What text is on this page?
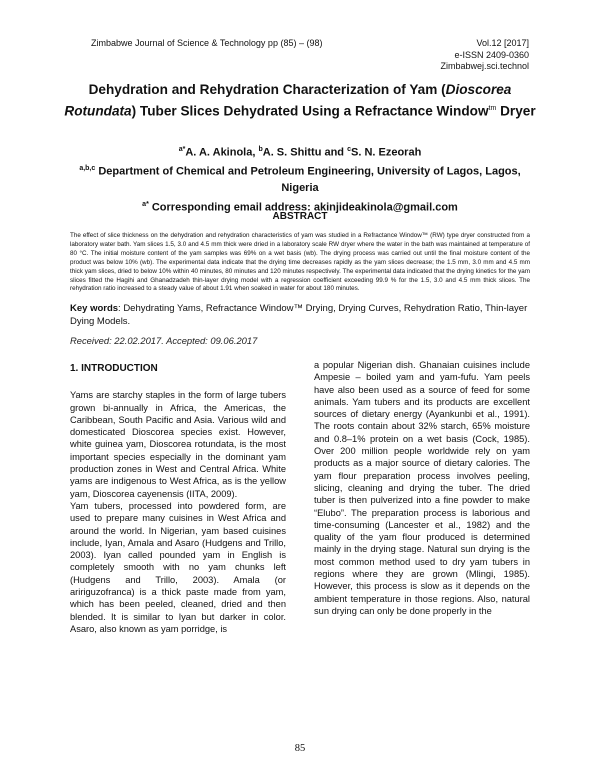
Zimbabwe Journal of Science & Technology pp (85) – (98)	Vol.12 [2017]
e-ISSN 2409-0360
Zimbabwej.sci.technol
Dehydration and Rehydration Characterization of Yam (Dioscorea Rotundata) Tuber Slices Dehydrated Using a Refractance Window$^{tm}$ Dryer
$^{a*}$A. A. Akinola, $^b$A. S. Shittu and $^c$S. N. Ezeorah
$^{a,b,c}$ Department of Chemical and Petroleum Engineering, University of Lagos, Lagos, Nigeria
$^{a*}$ Corresponding email address: akinjideakinola@gmail.com
ABSTRACT
The effect of slice thickness on the dehydration and rehydration characteristics of yam was studied in a Refractance Window™ (RW) type dryer constructed from a laboratory water bath. Yam slices 1.5, 3.0 and 4.5 mm thick were dried in a laboratory scale RW dryer where the water in the bath was maintained at temperature of 80 °C. The initial moisture content of the yam samples was 69% on a wet basis (wb). The drying process was carried out until the final moisture content of the product was below 10% (wb). The experimental data indicate that the drying time decreases rapidly as the yam slices decrease; the 1.5 mm, 3.0 mm and 4.5 mm thick yam slices, dried to below 10% within 40 minutes, 80 minutes and 120 minutes respectively. The experimental data indicated that the drying kinetics for the yam slices fitted the Hagihi and Ghanadzadeh thin-layer drying model with a regression coefficient exceeding 99.9 % for the 1.5, 3.0 and 4.5 mm thick slices. The rehydration ratio increased to a steady value of about 1.91 when soaked in water for about 180 minutes.
Key words: Dehydrating Yams, Refractance Window™ Drying, Drying Curves, Rehydration Ratio, Thin-layer Dying Models.
Received: 22.02.2017. Accepted: 09.06.2017
1. INTRODUCTION

Yams are starchy staples in the form of large tubers grown bi-annually in Africa, the Americas, the Caribbean, South Pacific and Asia. Various wild and domesticated Dioscorea species exist. However, white guinea yam, Dioscorea rotundata, is the most important species especially in the dominant yam production zones in West and Central Africa. White yams are indigenous to West Africa, as is the yellow yam, Dioscorea cayenensis (IITA, 2009).

Yam tubers, processed into powdered form, are used to prepare many cuisines in West Africa and around the world. In Nigerian, yam based cuisines include, Iyan, Amala and Asaro (Hudgens and Trillo, 2003). Iyan called pounded yam in English is completely smooth with no yam chunks left (Hudgens and Trillo, 2003). Amala (or aririguzofranca) is a thick paste made from yam, which has been peeled, cleaned, dried and then blended. It is similar to Iyan but darker in color. Asaro, also known as yam porridge, is

a popular Nigerian dish. Ghanaian cuisines include Ampesie – boiled yam and yam-fufu. Yam peels have also been used as a source of feed for some animals. Yam tubers and its products are excellent sources of dietary energy (Ayankunbi et al., 1991). The roots contain about 32% starch, 65% moisture and 0.8–1% protein on a wet basis (Cock, 1985). Over 200 million people worldwide rely on yam products as a major source of dietary calories. The yam flour preparation process involves peeling, slicing, cleaning and drying the tuber. The dried tuber is then pulverized into a fine powder to make “Elubo”. The preparation process is laborious and time-consuming (Lancester et al., 1982) and the quality of the yam flour produced is determined mainly in the drying stage. Natural sun drying is the most common method used to dry yam tubers in regions where they are grown (Mlingi, 1985). However, this process is slow as it depends on the ambient temperature in those regions. Also, natural sun drying can only be done properly in the

85
